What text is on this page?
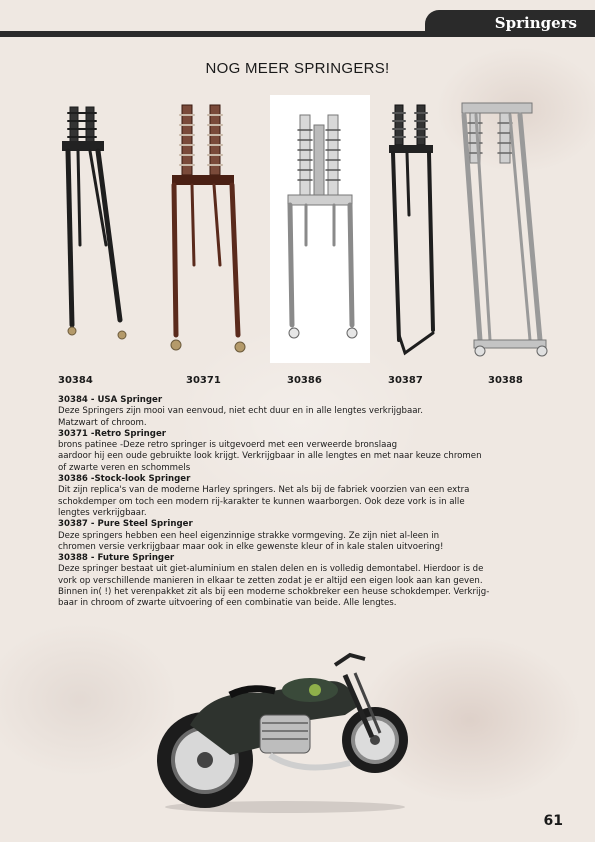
Springers
NOG MEER SPRINGERS!
30384	30371	30386	30387	30388
30384 - USA Springer
Deze Springers zijn mooi van eenvoud, niet echt duur en in alle lengtes verkrijgbaar.
Matzwart of chroom.
30371 -Retro Springer
brons patinee -Deze retro springer is uitgevoerd met een verweerde bronslaag
aardoor hij een oude gebruikte look krijgt. Verkrijgbaar in alle lengtes en met naar keuze chromen
of zwarte veren en schommels
30386 -Stock-look Springer
Dit zijn replica's van de moderne Harley springers. Net als bij de fabriek voorzien van een extra
schokdemper om toch een modern rij-karakter te kunnen waarborgen. Ook deze vork is in alle
lengtes verkrijgbaar.
30387 - Pure Steel Springer
Deze springers hebben een heel eigenzinnige strakke vormgeving. Ze zijn niet al-leen in
chromen versie verkrijgbaar maar ook in elke gewenste kleur of in kale stalen uitvoering!
30388 - Future Springer
Deze springer bestaat uit giet-aluminium en stalen delen en is volledig demontabel. Hierdoor is de
vork op verschillende manieren in elkaar te zetten zodat je er altijd een eigen look aan kan geven.
Binnen in( !) het verenpakket zit als bij een moderne schokbreker een heuse schokdemper. Verkrijg-
baar in chroom of zwarte uitvoering of een combinatie van beide. Alle lengtes.
61
